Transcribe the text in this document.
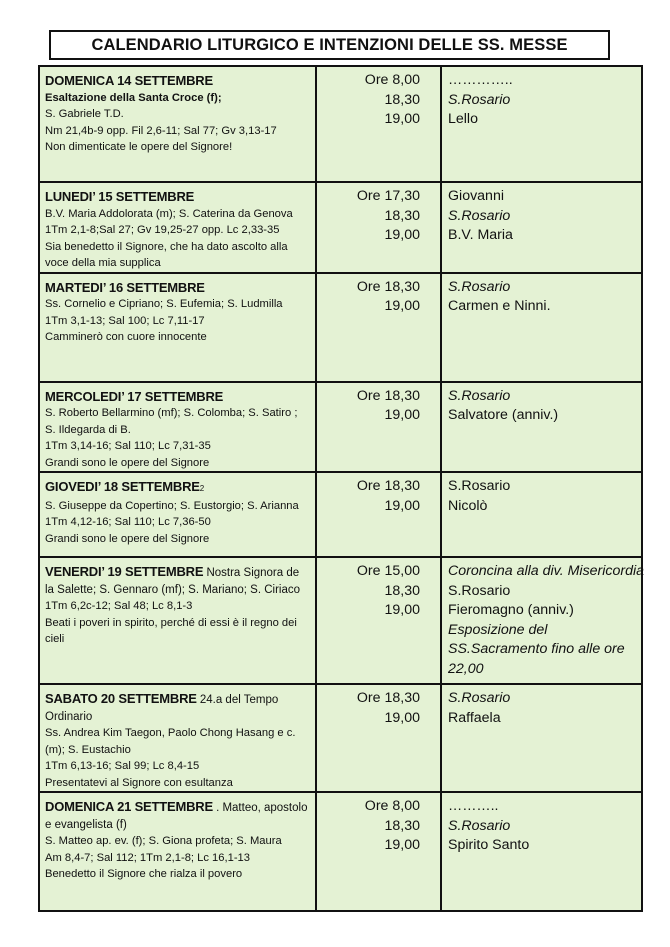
CALENDARIO LITURGICO E INTENZIONI DELLE SS. MESSE
DOMENICA 14 SETTEMBRE
Esaltazione della Santa Croce (f);
S. Gabriele T.D.
Nm 21,4b-9 opp. Fil 2,6-11; Sal 77; Gv 3,13-17
Non dimenticate le opere del Signore!	Ore 8,00
18,30
19,00	…………..
S.Rosario
Lello

LUNEDI’ 15 SETTEMBRE
B.V. Maria Addolorata (m); S. Caterina da Genova
1Tm 2,1-8;Sal 27; Gv 19,25-27 opp. Lc 2,33-35
Sia benedetto il Signore, che ha dato ascolto alla voce della mia supplica	Ore 17,30
18,30
19,00	Giovanni
S.Rosario
B.V. Maria

MARTEDI’ 16 SETTEMBRE
Ss. Cornelio e Cipriano; S. Eufemia; S. Ludmilla
1Tm 3,1-13; Sal 100; Lc 7,11-17
Camminerò con cuore innocente	Ore 18,30
19,00	S.Rosario
Carmen e Ninni.

MERCOLEDI’ 17 SETTEMBRE
S. Roberto Bellarmino (mf); S. Colomba; S. Satiro ; S. Ildegarda di B.
1Tm 3,14-16; Sal 110; Lc 7,31-35
Grandi sono le opere del Signore	Ore 18,30
19,00	S.Rosario
Salvatore (anniv.)

GIOVEDI’ 18 SETTEMBRE2
S. Giuseppe da Copertino; S. Eustorgio; S. Arianna
1Tm 4,12-16; Sal 110; Lc 7,36-50
Grandi sono le opere del Signore	Ore 18,30
19,00	S.Rosario
Nicolò

VENERDI’ 19 SETTEMBRE Nostra Signora de la Salette; S. Gennaro (mf); S. Mariano; S. Ciriaco
1Tm 6,2c-12; Sal 48; Lc 8,1-3
Beati i poveri in spirito, perché di essi è il regno dei cieli	Ore 15,00
18,30
19,00	Coroncina alla div. Misericordia
S.Rosario
Fieromagno (anniv.)
Esposizione del SS.Sacramento fino alle ore 22,00

SABATO 20 SETTEMBRE 24.a del Tempo Ordinario
Ss. Andrea Kim Taegon, Paolo Chong Hasang e c. (m); S. Eustachio
1Tm 6,13-16; Sal 99; Lc 8,4-15
Presentatevi al Signore con esultanza	Ore 18,30
19,00	S.Rosario
Raffaela

DOMENICA 21 SETTEMBRE . Matteo, apostolo e evangelista (f)
S. Matteo ap. ev. (f); S. Giona profeta; S. Maura
Am 8,4-7; Sal 112; 1Tm 2,1-8; Lc 16,1-13
Benedetto il Signore che rialza il povero	Ore 8,00
18,30
19,00	………..
S.Rosario
Spirito Santo
